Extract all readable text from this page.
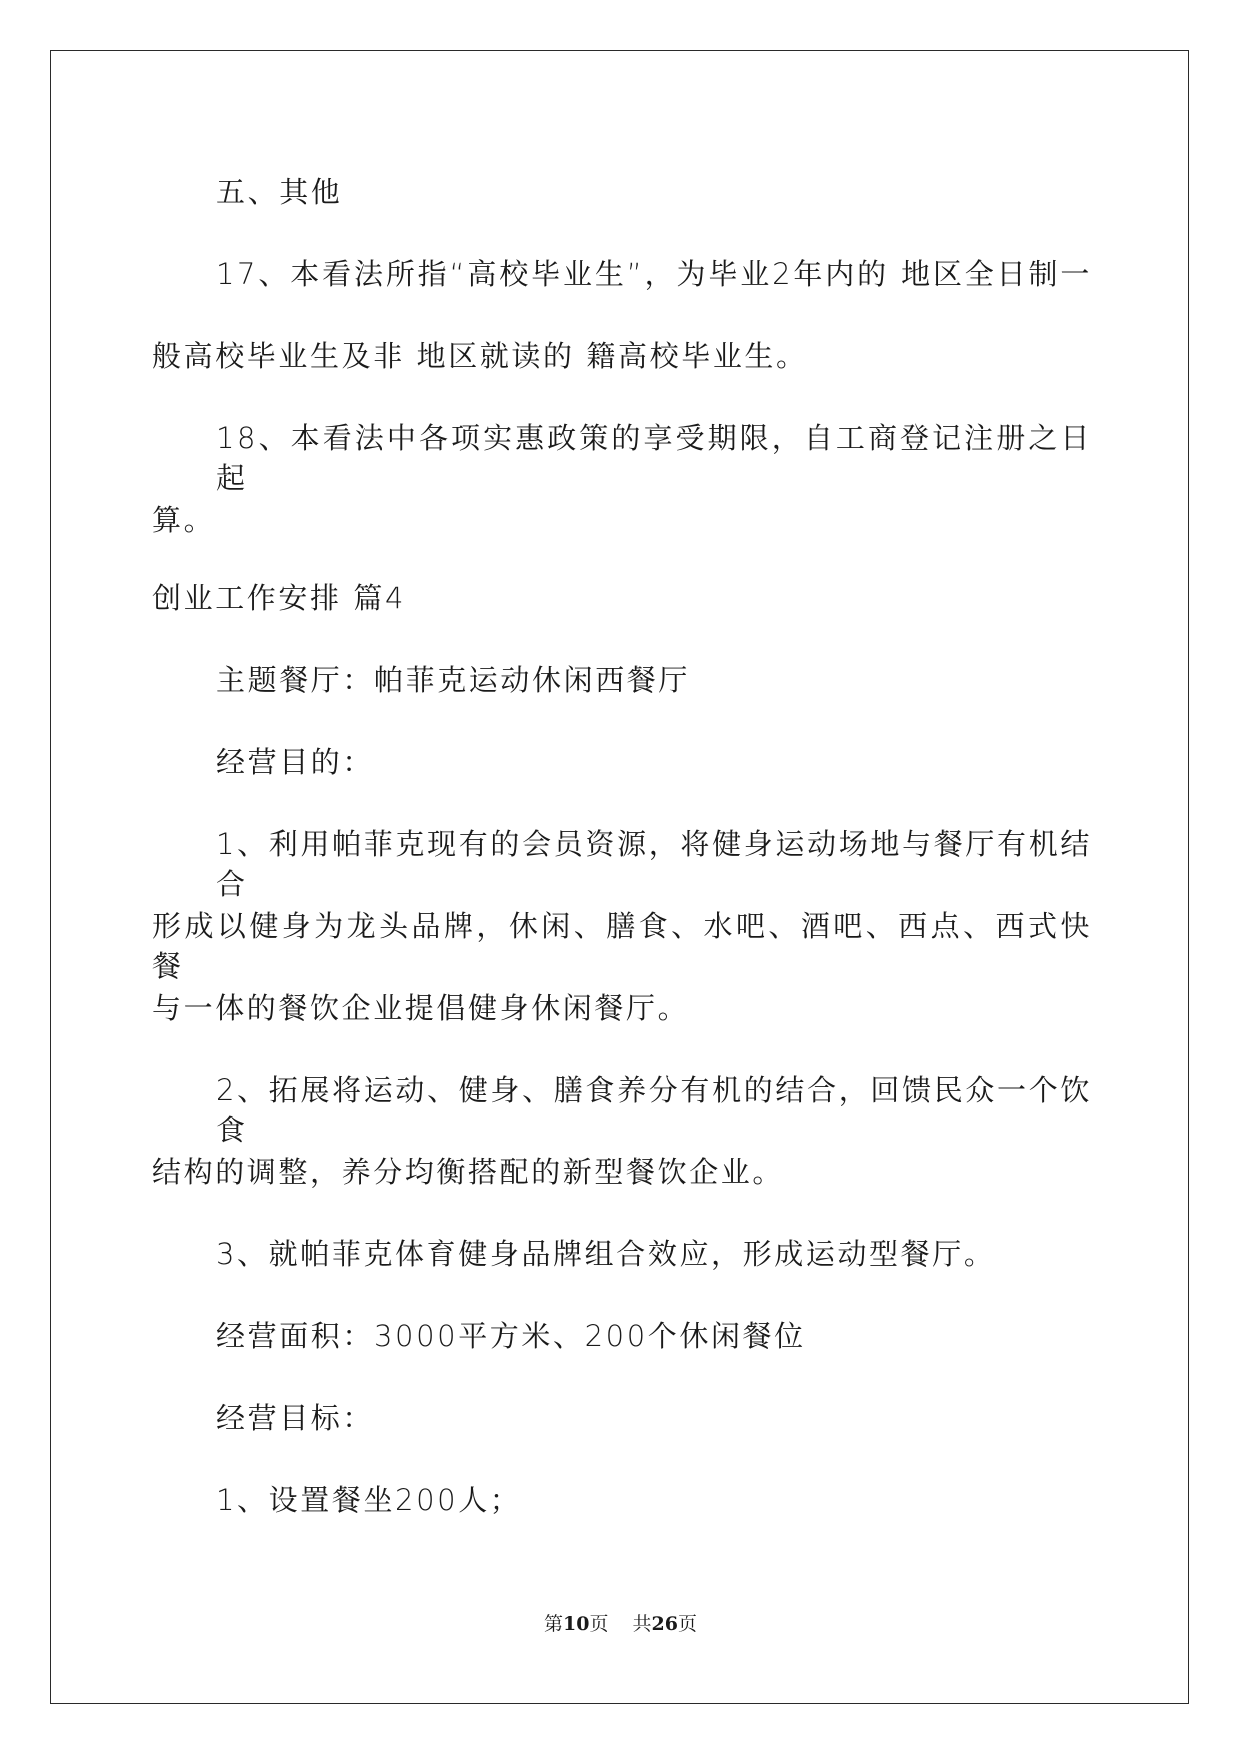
五、其他
17、本看法所指“高校毕业生”，为毕业2年内的 地区全日制一
般高校毕业生及非 地区就读的 籍高校毕业生。
18、本看法中各项实惠政策的享受期限，自工商登记注册之日起
算。
创业工作安排 篇4
主题餐厅：帕菲克运动休闲西餐厅
经营目的：
1、利用帕菲克现有的会员资源，将健身运动场地与餐厅有机结合
形成以健身为龙头品牌，休闲、膳食、水吧、酒吧、西点、西式快餐
与一体的餐饮企业提倡健身休闲餐厅。
2、拓展将运动、健身、膳食养分有机的结合，回馈民众一个饮食
结构的调整，养分均衡搭配的新型餐饮企业。
3、就帕菲克体育健身品牌组合效应，形成运动型餐厅。
经营面积：3000平方米、200个休闲餐位
经营目标：
1、设置餐坐200人；
第10页 共26页
